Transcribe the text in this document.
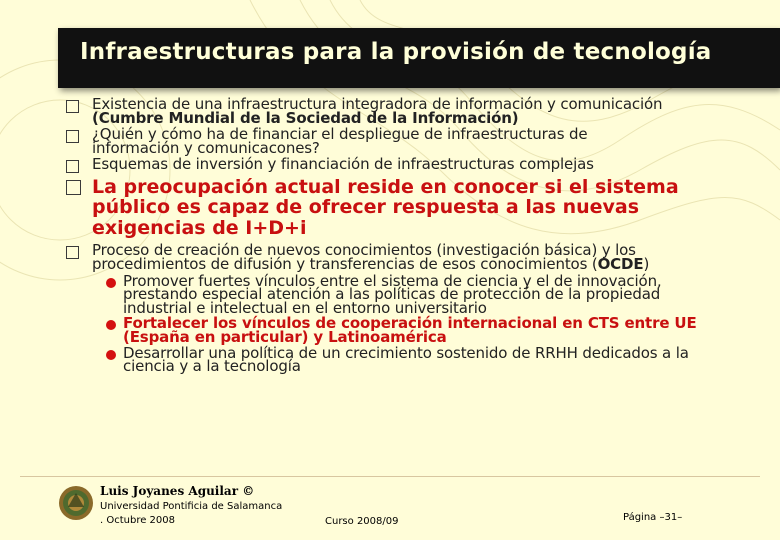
Infraestructuras para la provisión de tecnología
Existencia de una infraestructura integradora de información y comunicación
(Cumbre Mundial de la Sociedad de la Información)
¿Quién y cómo ha de financiar el despliegue de infraestructuras de
información y comunicacones?
Esquemas de inversión y financiación de infraestructuras complejas
La preocupación actual reside en conocer si el sistema
público es capaz de ofrecer respuesta a las nuevas
exigencias de I+D+i
Proceso de creación de nuevos conocimientos (investigación básica) y los
procedimientos de difusión y transferencias de esos conocimientos (OCDE)
Promover fuertes vínculos entre el sistema de ciencia y el de innovación,
prestando especial atención a las políticas de protección de la propiedad
industrial e intelectual en el entorno universitario
Fortalecer los vínculos de cooperación internacional en CTS entre UE
(España en particular) y Latinoamérica
Desarrollar una política de un crecimiento sostenido de RRHH dedicados a la
ciencia y a la tecnología
Luis Joyanes Aguilar ©
Universidad Pontificia de Salamanca
. Octubre 2008	Curso 2008/09	Página –31–
